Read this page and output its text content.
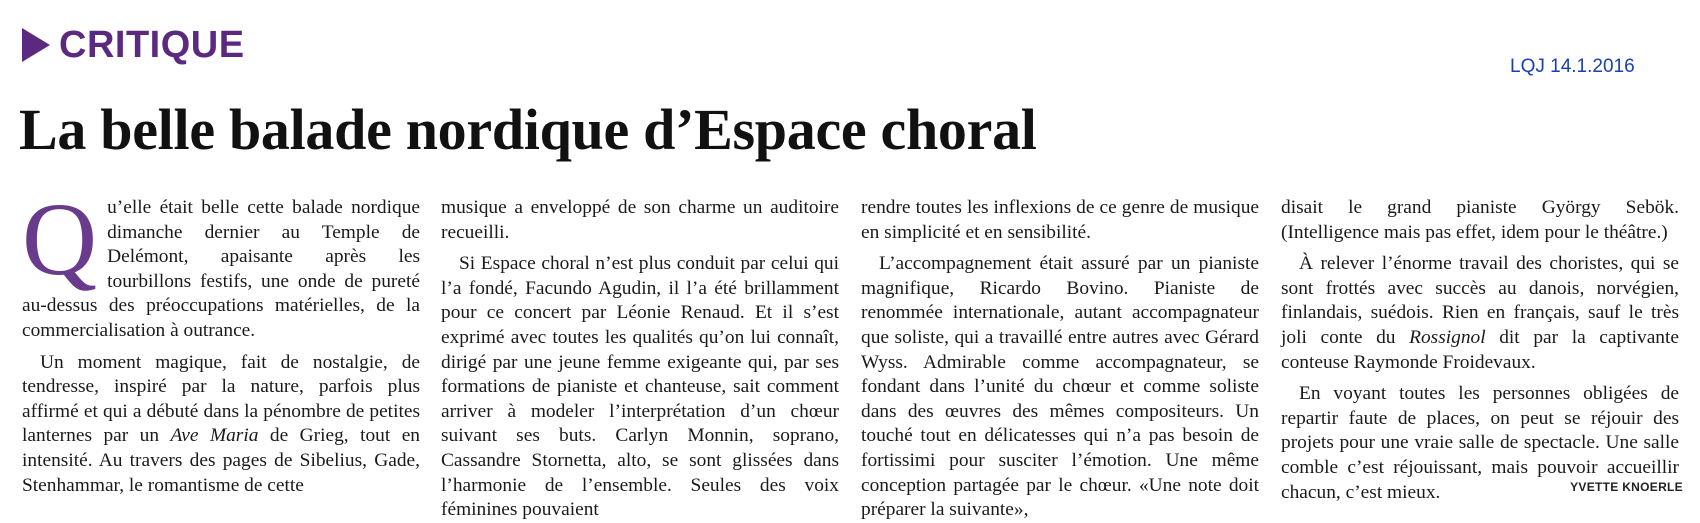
CRITIQUE
LQJ 14.1.2016
La belle balade nordique d’Espace choral

Qu’elle était belle cette balade nordique dimanche dernier au Temple de Delémont, apaisante après les tourbillons festifs, une onde de pureté au-dessus des préoccupations matérielles, de la commercialisation à outrance.

Un moment magique, fait de nostalgie, de tendresse, inspiré par la nature, parfois plus affirmé et qui a débuté dans la pénombre de petites lanternes par un Ave Maria de Grieg, tout en intensité. Au travers des pages de Sibelius, Gade, Stenhammar, le romantisme de cette

musique a enveloppé de son charme un auditoire recueilli.

Si Espace choral n’est plus conduit par celui qui l’a fondé, Facundo Agudin, il l’a été brillamment pour ce concert par Léonie Renaud. Et il s’est exprimé avec toutes les qualités qu’on lui connaît, dirigé par une jeune femme exigeante qui, par ses formations de pianiste et chanteuse, sait comment arriver à modeler l’interprétation d’un chœur suivant ses buts. Carlyn Monnin, soprano, Cassandre Stornetta, alto, se sont glissées dans l’harmonie de l’ensemble. Seules des voix féminines pouvaient

rendre toutes les inflexions de ce genre de musique en simplicité et en sensibilité.

L’accompagnement était assuré par un pianiste magnifique, Ricardo Bovino. Pianiste de renommée internationale, autant accompagnateur que soliste, qui a travaillé entre autres avec Gérard Wyss. Admirable comme accompagnateur, se fondant dans l’unité du chœur et comme soliste dans des œuvres des mêmes compositeurs. Un touché tout en délicatesses qui n’a pas besoin de fortissimi pour susciter l’émotion. Une même conception partagée par le chœur. «Une note doit préparer la suivante»,

disait le grand pianiste György Sebök. (Intelligence mais pas effet, idem pour le théâtre.)

À relever l’énorme travail des choristes, qui se sont frottés avec succès au danois, norvégien, finlandais, suédois. Rien en français, sauf le très joli conte du Rossignol dit par la captivante conteuse Raymonde Froidevaux.

En voyant toutes les personnes obligées de repartir faute de places, on peut se réjouir des projets pour une vraie salle de spectacle. Une salle comble c’est réjouissant, mais pouvoir accueillir chacun, c’est mieux.	YVETTE KNOERLE
